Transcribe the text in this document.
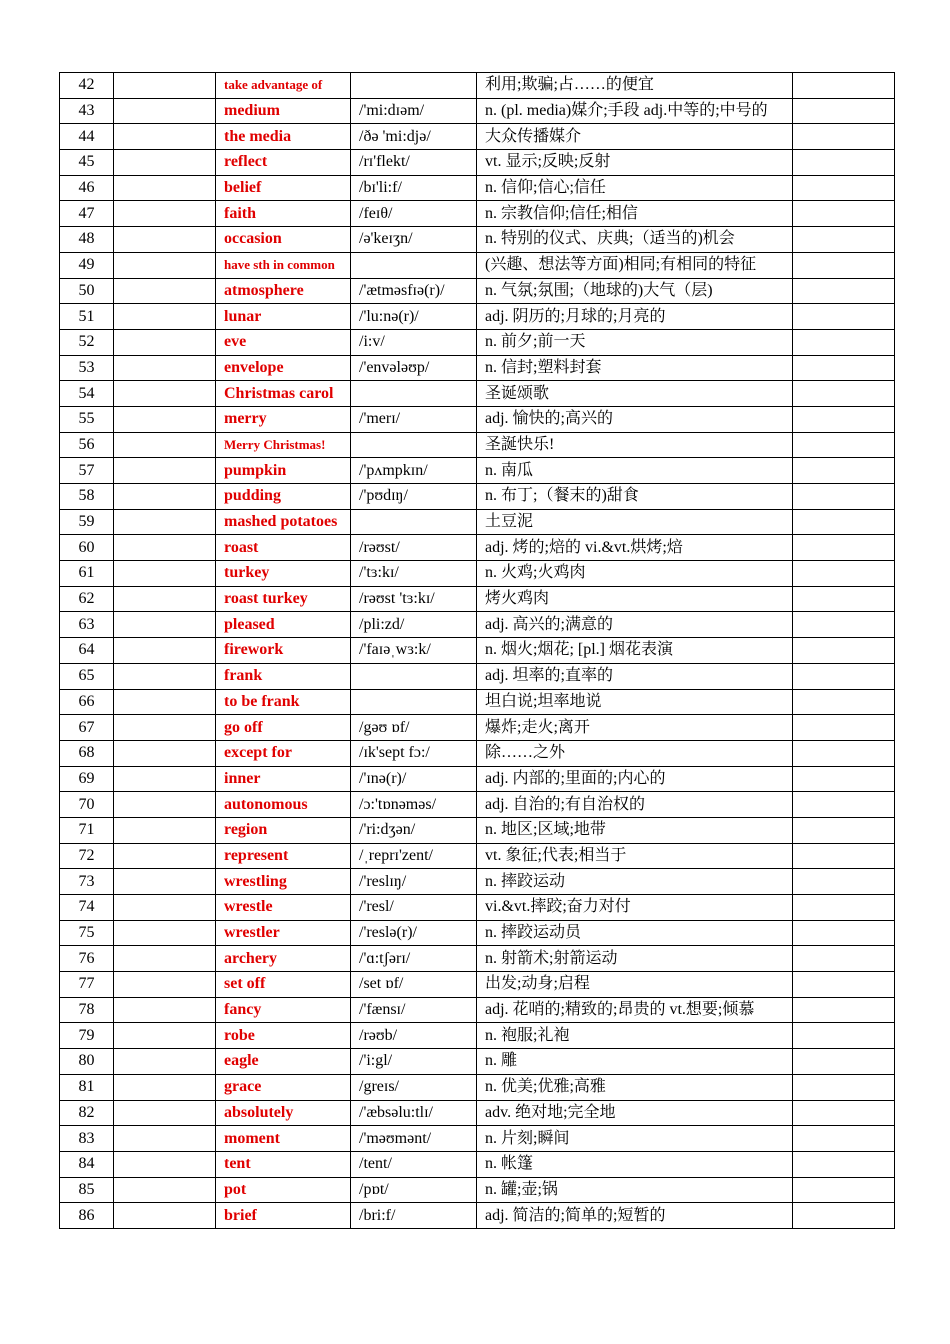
42		take advantage of		利用;欺骗;占……的便宜	
43		medium	/'mi:dɪəm/	n. (pl. media)媒介;手段 adj.中等的;中号的	
44		the media	/ðə 'mi:djə/	大众传播媒介	
45		reflect	/rɪ'flekt/	vt. 显示;反映;反射	
46		belief	/bɪ'li:f/	n. 信仰;信心;信任	
47		faith	/feɪθ/	n. 宗教信仰;信任;相信	
48		occasion	/ə'keɪʒn/	n. 特别的仪式、庆典;（适当的)机会	
49		have sth in common		(兴趣、想法等方面)相同;有相同的特征	
50		atmosphere	/'ætməsfɪə(r)/	n. 气氛;氛围;（地球的)大气（层)	
51		lunar	/'lu:nə(r)/	adj. 阴历的;月球的;月亮的	
52		eve	/i:v/	n. 前夕;前一天	
53		envelope	/'envələʊp/	n. 信封;塑料封套	
54		Christmas carol		圣诞颂歌	
55		merry	/'merɪ/	adj. 愉快的;高兴的	
56		Merry Christmas!		圣誕快乐!	
57		pumpkin	/'pʌmpkɪn/	n. 南瓜	
58		pudding	/'pʊdɪŋ/	n. 布丁;（餐末的)甜食	
59		mashed potatoes		土豆泥	
60		roast	/rəʊst/	adj. 烤的;焙的 vi.&vt.烘烤;焙	
61		turkey	/'tɜ:kɪ/	n. 火鸡;火鸡肉	
62		roast turkey	/rəʊst 'tɜ:kɪ/	烤火鸡肉	
63		pleased	/pli:zd/	adj. 高兴的;满意的	
64		firework	/'faɪəˌwɜ:k/	n. 烟火;烟花; [pl.] 烟花表演	
65		frank		adj. 坦率的;直率的	
66		to be frank		坦白说;坦率地说	
67		go off	/gəʊ ɒf/	爆炸;走火;离开	
68		except for	/ɪk'sept fɔ:/	除……之外	
69		inner	/'ɪnə(r)/	adj. 内部的;里面的;内心的	
70		autonomous	/ɔ:'tɒnəməs/	adj. 自治的;有自治权的	
71		region	/'ri:dʒən/	n. 地区;区域;地带	
72		represent	/ˌreprɪ'zent/	vt. 象征;代表;相当于	
73		wrestling	/'reslɪŋ/	n. 摔跤运动	
74		wrestle	/'resl/	vi.&vt.摔跤;奋力对付	
75		wrestler	/'reslə(r)/	n. 摔跤运动员	
76		archery	/'ɑ:tʃərɪ/	n. 射箭术;射箭运动	
77		set off	/set ɒf/	出发;动身;启程	
78		fancy	/'fænsɪ/	adj. 花哨的;精致的;昂贵的 vt.想要;倾慕	
79		robe	/rəʊb/	n. 袍服;礼袍	
80		eagle	/'i:gl/	n. 雕	
81		grace	/greɪs/	n. 优美;优雅;高雅	
82		absolutely	/'æbsəlu:tlɪ/	adv. 绝对地;完全地	
83		moment	/'məʊmənt/	n. 片刻;瞬间	
84		tent	/tent/	n. 帐篷	
85		pot	/pɒt/	n. 罐;壶;锅	
86		brief	/bri:f/	adj. 简洁的;简单的;短暂的	
